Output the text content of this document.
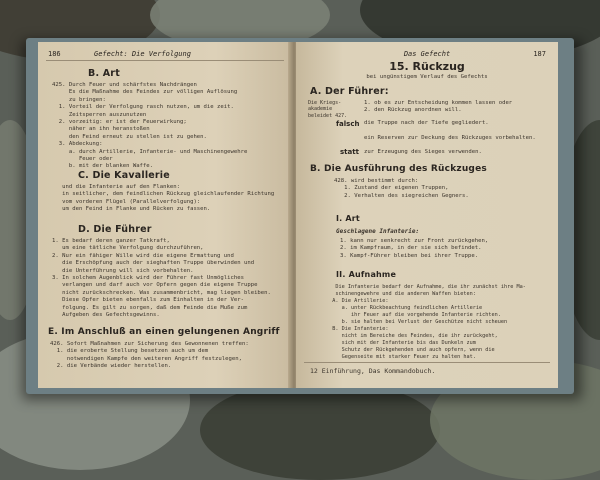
186	Gefecht: Die Verfolgung
B. Art
425. Durch Feuer und schärfstes Nachdrängen
Es die Maßnahme des Feindes zur völligen Auflösung
zu bringen:
1. Vorteil der Verfolgung rasch nutzen, um die zeit.
Zeitsperren auszunutzen
2. vorzeitig: er ist der Feuerwirkung;
näher an ihn heranstoßen
den Feind erneut zu stellen ist zu gehen.
3. Abdeckung:
a. durch Artillerie, Infanterie- und Maschinengewehre
Feuer oder
b. mit der blanken Waffe.
C. Die Kavallerie
und die Infanterie auf den Flanken:
in seitlicher, dem feindlichen Rückzug gleichlaufender Richtung
vom vorderen Flügel (Parallelverfolgung):
um den Feind in Flanke und Rücken zu fassen.
D. Die Führer
1. Es bedarf deren ganzer Tatkraft,
um eine tätliche Verfolgung durchzuführen,
2. Nur ein fähiger Wille wird die eigene Ermattung und
die Erschöpfung auch der sieghaften Truppe überwinden und
die Unterführung will sich vorbehalten.
3. In solchem Augenblick wird der Führer fast Unmögliches
verlangen und darf auch vor Opfern gegen die eigene Truppe
nicht zurückschrecken. Was zusammenbricht, mag liegen bleiben.
Diese Opfer bieten ebenfalls zum Einhalten in der Ver-
folgung. Es gilt zu sorgen, daß dem Feinde die Muße zum
Aufgeben des Gefechtsgewinns.
E. Im Anschluß an einen gelungenen Angriff
426. Sofort Maßnahmen zur Sicherung des Gewonnenen treffen:
1. die eroberte Stellung besetzen auch um dem
notwendigen Kampfe den weiteren Angriff festzulegen,
2. die Verbände wieder herstellen.
Das Gefecht	187
15. Rückzug
bei ungünstigem Verlauf des Gefechts
A. Der Führer:
Die Kriegs-
akademie
beleidet 427.
1. ob es zur Entscheidung kommen lassen oder
2. den Rückzug anordnen will.
falsch die Truppe nach der Tiefe gegliedert.

ein Reserven zur Deckung des Rückzuges vorbehalten.
statt zur Erzeugung des Sieges verwenden.
B. Die Ausführung des Rückzuges
428. wird bestimmt durch:
1. Zustand der eigenen Truppen,
2. Verhalten des siegreichen Gegners.
I. Art
Geschlagene Infanterie:
1. kann nur senkrecht zur Front zurückgehen,
2. im Kampfraum, in der sie sich befindet.
3. Kampf-Führer bleiben bei ihrer Truppe.
II. Aufnahme
Die Infanterie bedarf der Aufnahme, die ihr zunächst ihre Ma-
schinengewehre und die anderen Waffen bieten:
A. Die Artillerie:
a. unter Rückbeachtung feindlichen Artillerie
ihr Feuer auf die vorgehende Infanterie richten.
b. sie halten bei Verlust der Geschütze nicht scheuen
B. Die Infanterie:
nicht im Bereiche des Feindes, die ihr zurückgeht,
sich mit der Infanterie bis das Dunkeln zum
Schutz der Rückgehenden und auch opfern, wenn die
Gegenseite mit starker Feuer zu halten hat.
12 Einführung, Das Kommandobuch.
